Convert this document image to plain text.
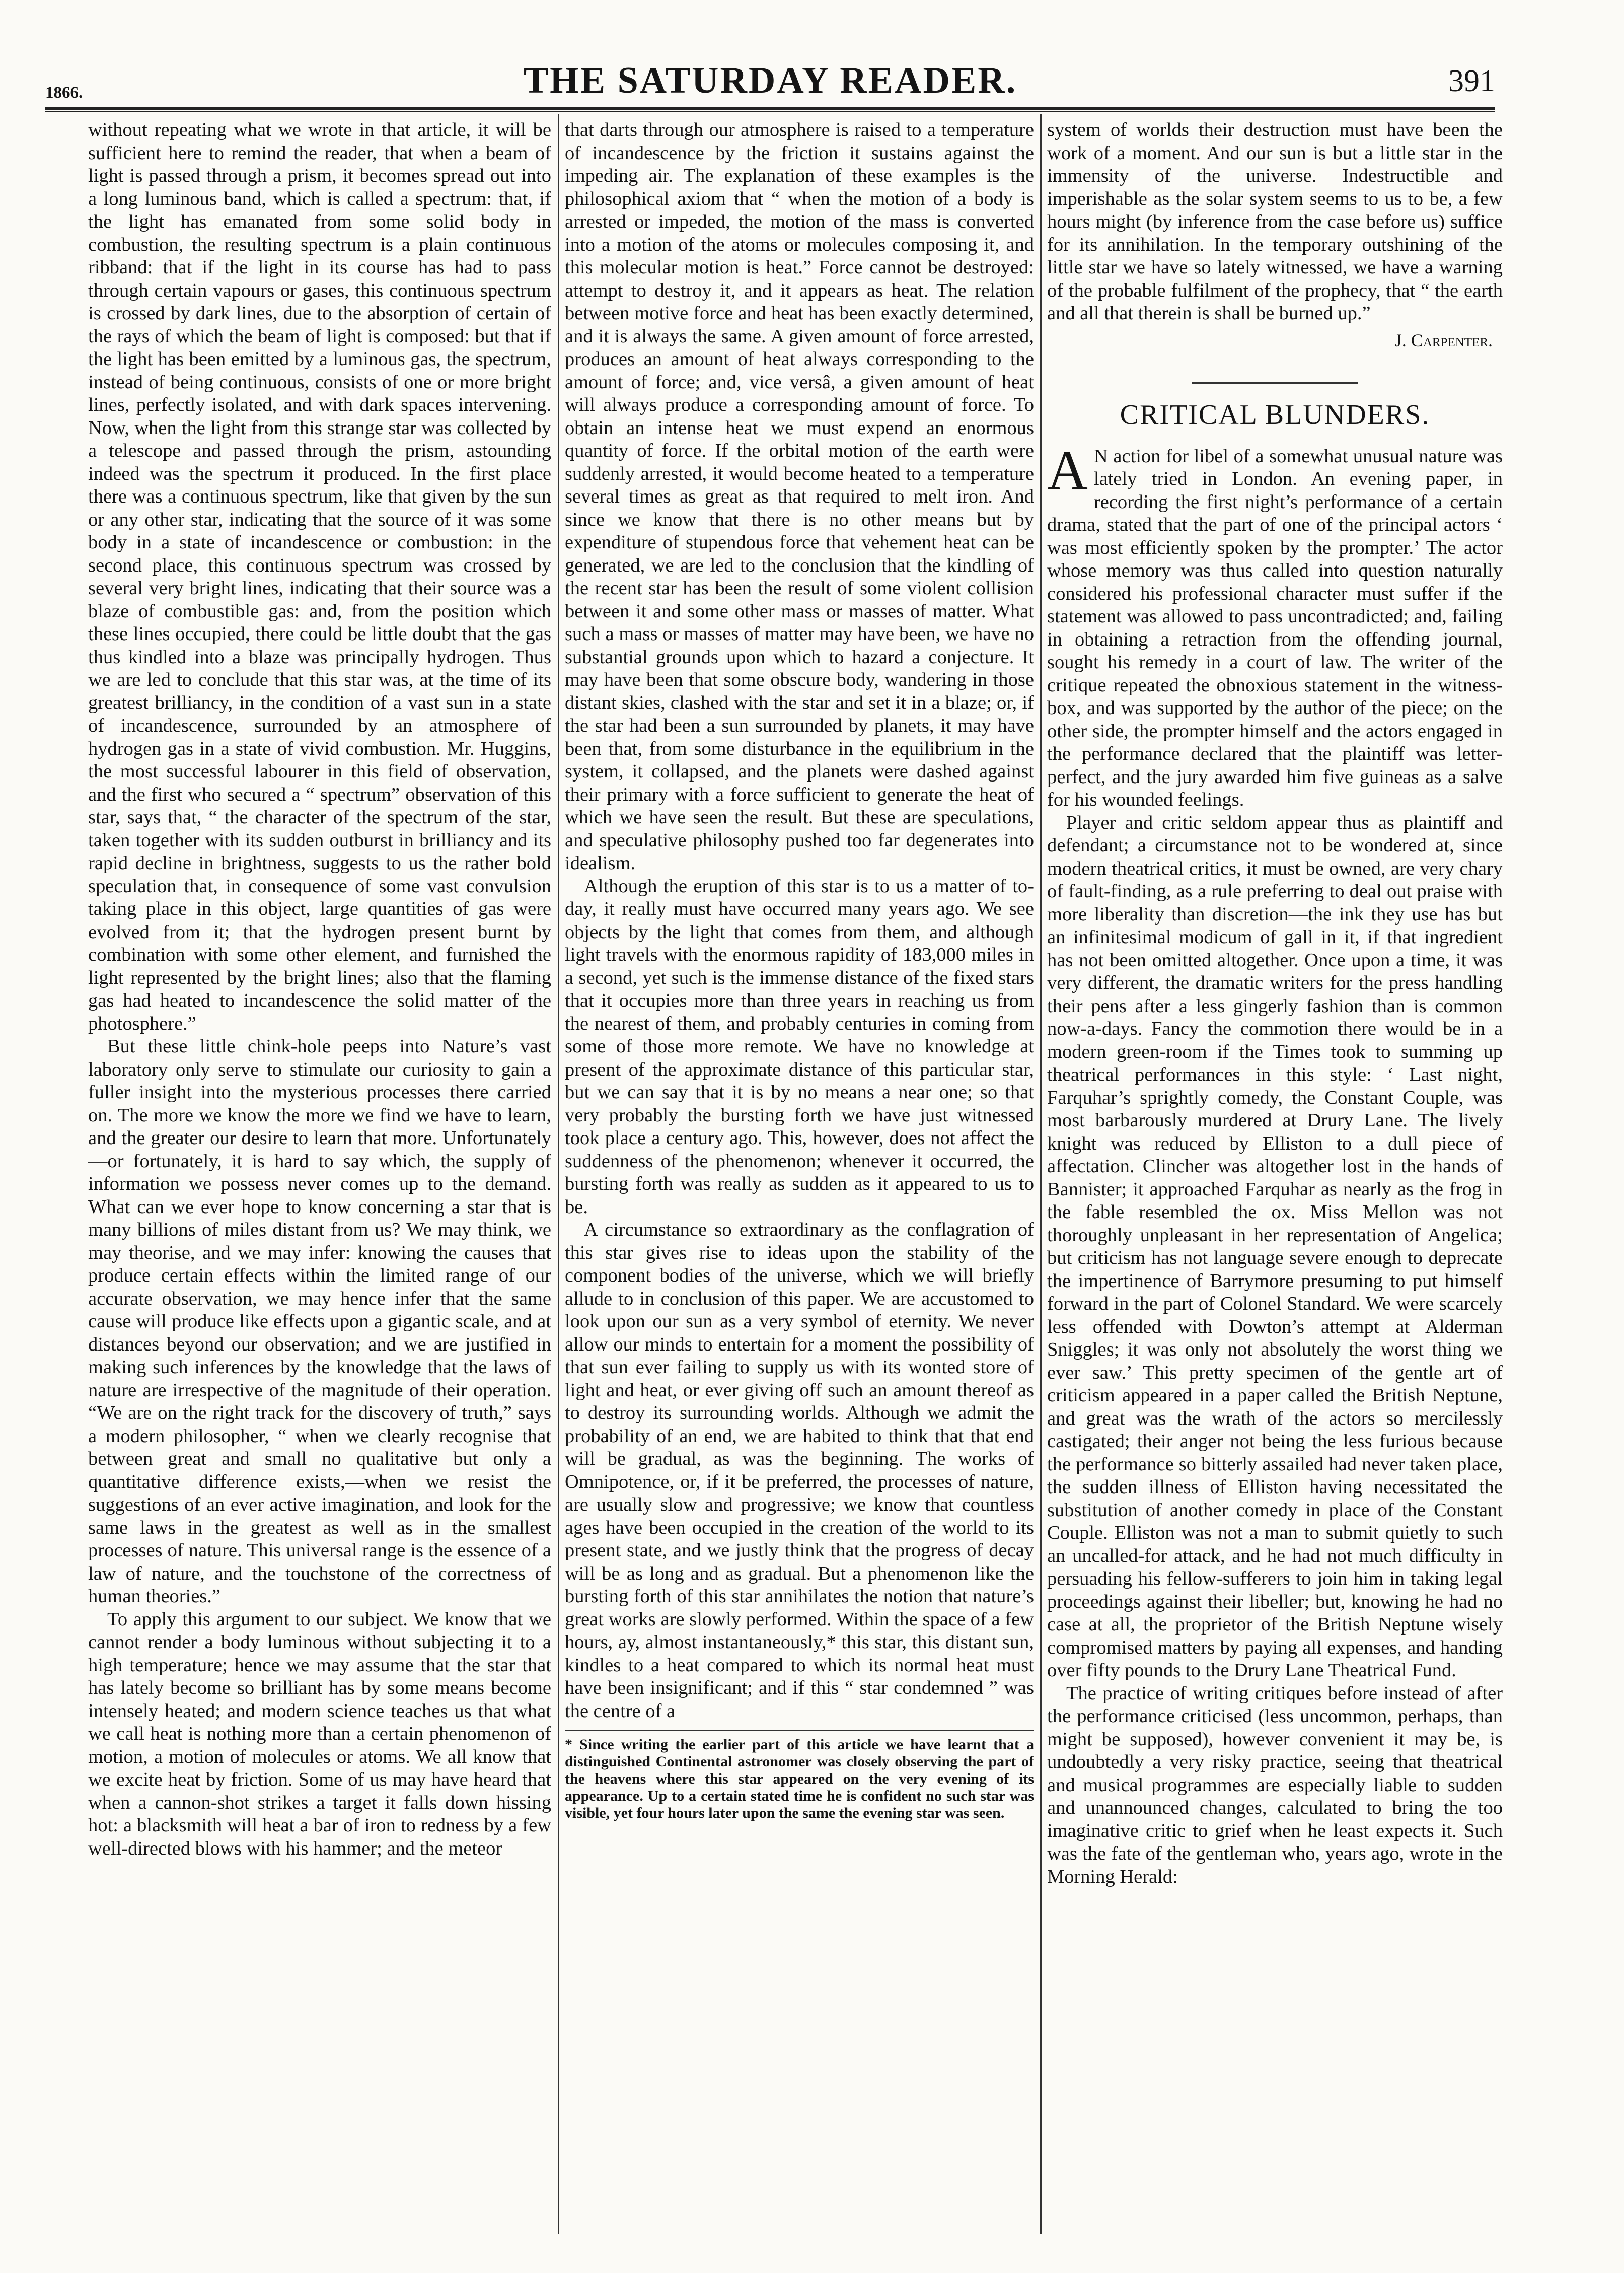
1866.	THE SATURDAY READER.	391

without repeating what we wrote in that article, it will be sufficient here to remind the reader, that when a beam of light is passed through a prism, it becomes spread out into a long luminous band, which is called a spectrum: that, if the light has emanated from some solid body in combustion, the resulting spectrum is a plain continuous ribband: that if the light in its course has had to pass through certain vapours or gases, this continuous spectrum is crossed by dark lines, due to the absorption of certain of the rays of which the beam of light is composed: but that if the light has been emitted by a luminous gas, the spectrum, instead of being continuous, consists of one or more bright lines, perfectly isolated, and with dark spaces intervening. Now, when the light from this strange star was collected by a telescope and passed through the prism, astounding indeed was the spectrum it produced. In the first place there was a continuous spectrum, like that given by the sun or any other star, indicating that the source of it was some body in a state of incandescence or combustion: in the second place, this continuous spectrum was crossed by several very bright lines, indicating that their source was a blaze of combustible gas: and, from the position which these lines occupied, there could be little doubt that the gas thus kindled into a blaze was principally hydrogen. Thus we are led to conclude that this star was, at the time of its greatest brilliancy, in the condition of a vast sun in a state of incandescence, surrounded by an atmosphere of hydrogen gas in a state of vivid combustion. Mr. Huggins, the most successful labourer in this field of observation, and the first who secured a “ spectrum” observation of this star, says that, “ the character of the spectrum of the star, taken together with its sudden outburst in brilliancy and its rapid decline in brightness, suggests to us the rather bold speculation that, in consequence of some vast convulsion taking place in this object, large quantities of gas were evolved from it; that the hydrogen present burnt by combination with some other element, and furnished the light represented by the bright lines; also that the flaming gas had heated to incandescence the solid matter of the photosphere.”

But these little chink-hole peeps into Nature’s vast laboratory only serve to stimulate our curiosity to gain a fuller insight into the mysterious processes there carried on. The more we know the more we find we have to learn, and the greater our desire to learn that more. Unfortunately—or fortunately, it is hard to say which, the supply of information we possess never comes up to the demand. What can we ever hope to know concerning a star that is many billions of miles distant from us? We may think, we may theorise, and we may infer: knowing the causes that produce certain effects within the limited range of our accurate observation, we may hence infer that the same cause will produce like effects upon a gigantic scale, and at distances beyond our observation; and we are justified in making such inferences by the knowledge that the laws of nature are irrespective of the magnitude of their operation. “We are on the right track for the discovery of truth,” says a modern philosopher, “ when we clearly recognise that between great and small no qualitative but only a quantitative difference exists,—when we resist the suggestions of an ever active imagination, and look for the same laws in the greatest as well as in the smallest processes of nature. This universal range is the essence of a law of nature, and the touchstone of the correctness of human theories.”

To apply this argument to our subject. We know that we cannot render a body luminous without subjecting it to a high temperature; hence we may assume that the star that has lately become so brilliant has by some means become intensely heated; and modern science teaches us that what we call heat is nothing more than a certain phenomenon of motion, a motion of molecules or atoms. We all know that we excite heat by friction. Some of us may have heard that when a cannon-shot strikes a target it falls down hissing hot: a blacksmith will heat a bar of iron to redness by a few well-directed blows with his hammer; and the meteor

that darts through our atmosphere is raised to a temperature of incandescence by the friction it sustains against the impeding air. The explanation of these examples is the philosophical axiom that “ when the motion of a body is arrested or impeded, the motion of the mass is converted into a motion of the atoms or molecules composing it, and this molecular motion is heat.” Force cannot be destroyed: attempt to destroy it, and it appears as heat. The relation between motive force and heat has been exactly determined, and it is always the same. A given amount of force arrested, produces an amount of heat always corresponding to the amount of force; and, vice versâ, a given amount of heat will always produce a corresponding amount of force. To obtain an intense heat we must expend an enormous quantity of force. If the orbital motion of the earth were suddenly arrested, it would become heated to a temperature several times as great as that required to melt iron. And since we know that there is no other means but by expenditure of stupendous force that vehement heat can be generated, we are led to the conclusion that the kindling of the recent star has been the result of some violent collision between it and some other mass or masses of matter. What such a mass or masses of matter may have been, we have no substantial grounds upon which to hazard a conjecture. It may have been that some obscure body, wandering in those distant skies, clashed with the star and set it in a blaze; or, if the star had been a sun surrounded by planets, it may have been that, from some disturbance in the equilibrium in the system, it collapsed, and the planets were dashed against their primary with a force sufficient to generate the heat of which we have seen the result. But these are speculations, and speculative philosophy pushed too far degenerates into idealism.

Although the eruption of this star is to us a matter of to-day, it really must have occurred many years ago. We see objects by the light that comes from them, and although light travels with the enormous rapidity of 183,000 miles in a second, yet such is the immense distance of the fixed stars that it occupies more than three years in reaching us from the nearest of them, and probably centuries in coming from some of those more remote. We have no knowledge at present of the approximate distance of this particular star, but we can say that it is by no means a near one; so that very probably the bursting forth we have just witnessed took place a century ago. This, however, does not affect the suddenness of the phenomenon; whenever it occurred, the bursting forth was really as sudden as it appeared to us to be.

A circumstance so extraordinary as the conflagration of this star gives rise to ideas upon the stability of the component bodies of the universe, which we will briefly allude to in conclusion of this paper. We are accustomed to look upon our sun as a very symbol of eternity. We never allow our minds to entertain for a moment the possibility of that sun ever failing to supply us with its wonted store of light and heat, or ever giving off such an amount thereof as to destroy its surrounding worlds. Although we admit the probability of an end, we are habited to think that that end will be gradual, as was the beginning. The works of Omnipotence, or, if it be preferred, the processes of nature, are usually slow and progressive; we know that countless ages have been occupied in the creation of the world to its present state, and we justly think that the progress of decay will be as long and as gradual. But a phenomenon like the bursting forth of this star annihilates the notion that nature’s great works are slowly performed. Within the space of a few hours, ay, almost instantaneously,* this star, this distant sun, kindles to a heat compared to which its normal heat must have been insignificant; and if this “ star condemned ” was the centre of a

* Since writing the earlier part of this article we have learnt that a distinguished Continental astronomer was closely observing the part of the heavens where this star appeared on the very evening of its appearance. Up to a certain stated time he is confident no such star was visible, yet four hours later upon the same the evening star was seen.

system of worlds their destruction must have been the work of a moment. And our sun is but a little star in the immensity of the universe. Indestructible and imperishable as the solar system seems to us to be, a few hours might (by inference from the case before us) suffice for its annihilation. In the temporary outshining of the little star we have so lately witnessed, we have a warning of the probable fulfilment of the prophecy, that “ the earth and all that therein is shall be burned up.”

J. Carpenter.
CRITICAL BLUNDERS.

A N action for libel of a somewhat unusual nature was lately tried in London. An evening paper, in recording the first night’s performance of a certain drama, stated that the part of one of the principal actors ‘ was most efficiently spoken by the prompter.’ The actor whose memory was thus called into question naturally considered his professional character must suffer if the statement was allowed to pass uncontradicted; and, failing in obtaining a retraction from the offending journal, sought his remedy in a court of law. The writer of the critique repeated the obnoxious statement in the witness-box, and was supported by the author of the piece; on the other side, the prompter himself and the actors engaged in the performance declared that the plaintiff was letter-perfect, and the jury awarded him five guineas as a salve for his wounded feelings.

Player and critic seldom appear thus as plaintiff and defendant; a circumstance not to be wondered at, since modern theatrical critics, it must be owned, are very chary of fault-finding, as a rule preferring to deal out praise with more liberality than discretion—the ink they use has but an infinitesimal modicum of gall in it, if that ingredient has not been omitted altogether. Once upon a time, it was very different, the dramatic writers for the press handling their pens after a less gingerly fashion than is common now-a-days. Fancy the commotion there would be in a modern green-room if the Times took to summing up theatrical performances in this style: ‘ Last night, Farquhar’s sprightly comedy, the Constant Couple, was most barbarously murdered at Drury Lane. The lively knight was reduced by Elliston to a dull piece of affectation. Clincher was altogether lost in the hands of Bannister; it approached Farquhar as nearly as the frog in the fable resembled the ox. Miss Mellon was not thoroughly unpleasant in her representation of Angelica; but criticism has not language severe enough to deprecate the impertinence of Barrymore presuming to put himself forward in the part of Colonel Standard. We were scarcely less offended with Dowton’s attempt at Alderman Sniggles; it was only not absolutely the worst thing we ever saw.’ This pretty specimen of the gentle art of criticism appeared in a paper called the British Neptune, and great was the wrath of the actors so mercilessly castigated; their anger not being the less furious because the performance so bitterly assailed had never taken place, the sudden illness of Elliston having necessitated the substitution of another comedy in place of the Constant Couple. Elliston was not a man to submit quietly to such an uncalled-for attack, and he had not much difficulty in persuading his fellow-sufferers to join him in taking legal proceedings against their libeller; but, knowing he had no case at all, the proprietor of the British Neptune wisely compromised matters by paying all expenses, and handing over fifty pounds to the Drury Lane Theatrical Fund.

The practice of writing critiques before instead of after the performance criticised (less uncommon, perhaps, than might be supposed), however convenient it may be, is undoubtedly a very risky practice, seeing that theatrical and musical programmes are especially liable to sudden and unannounced changes, calculated to bring the too imaginative critic to grief when he least expects it. Such was the fate of the gentleman who, years ago, wrote in the Morning Herald:
